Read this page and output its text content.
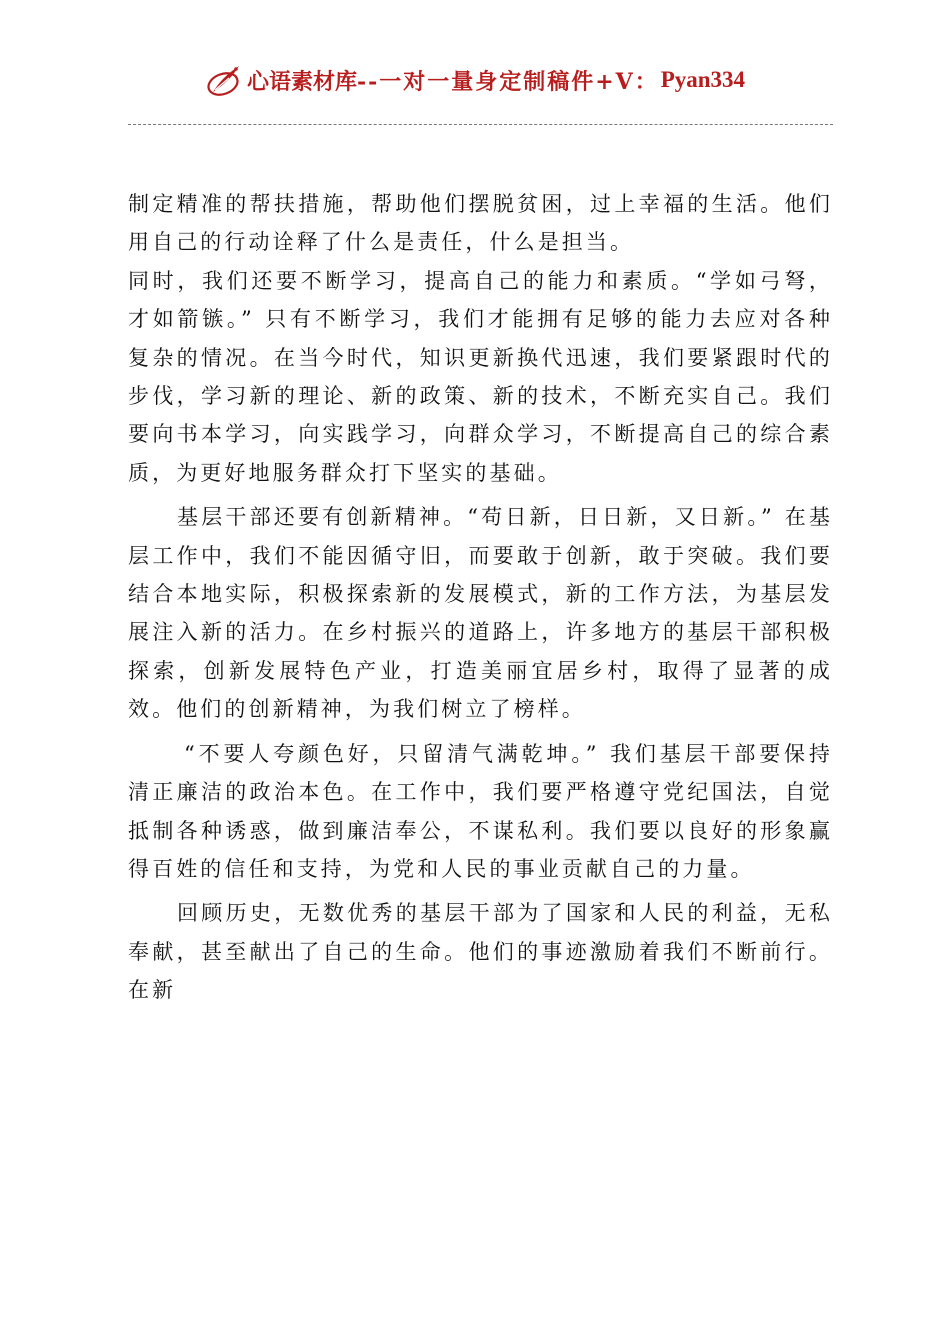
心语素材库 --一对一量身定制稿件+V： Pyan334

制定精准的帮扶措施，帮助他们摆脱贫困，过上幸福的生活。他们用自己的行动诠释了什么是责任，什么是担当。

同时，我们还要不断学习，提高自己的能力和素质。“学如弓弩，才如箭镞。” 只有不断学习，我们才能拥有足够的能力去应对各种复杂的情况。在当今时代，知识更新换代迅速，我们要紧跟时代的步伐，学习新的理论、新的政策、新的技术，不断充实自己。我们要向书本学习，向实践学习，向群众学习，不断提高自己的综合素质，为更好地服务群众打下坚实的基础。

基层干部还要有创新精神。“苟日新，日日新，又日新。” 在基层工作中，我们不能因循守旧，而要敢于创新，敢于突破。我们要结合本地实际，积极探索新的发展模式，新的工作方法，为基层发展注入新的活力。在乡村振兴的道路上，许多地方的基层干部积极探索，创新发展特色产业，打造美丽宜居乡村，取得了显著的成效。他们的创新精神，为我们树立了榜样。

“不要人夸颜色好，只留清气满乾坤。” 我们基层干部要保持清正廉洁的政治本色。在工作中，我们要严格遵守党纪国法，自觉抵制各种诱惑，做到廉洁奉公，不谋私利。我们要以良好的形象赢得百姓的信任和支持，为党和人民的事业贡献自己的力量。

回顾历史，无数优秀的基层干部为了国家和人民的利益，无私奉献，甚至献出了自己的生命。他们的事迹激励着我们不断前行。在新
